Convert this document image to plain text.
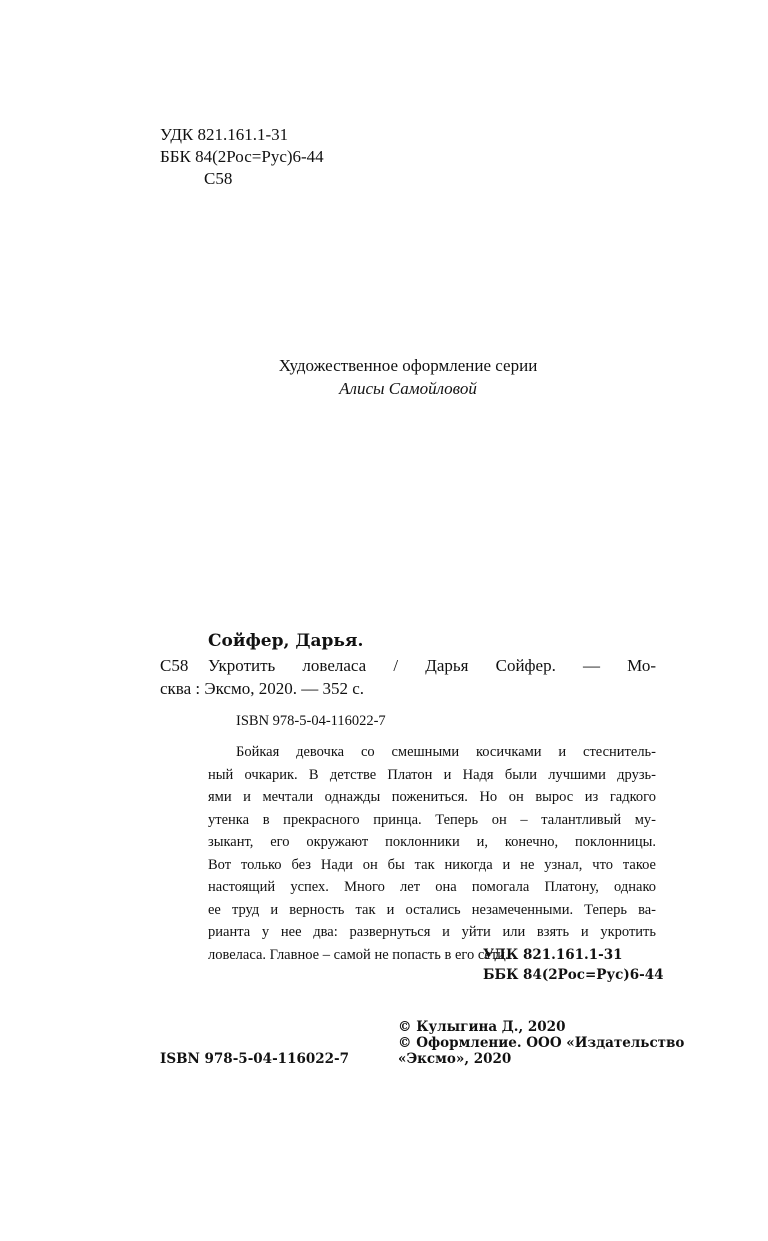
УДК 821.161.1-31
ББК 84(2Рос=Рус)6-44
С58
Художественное оформление серии
Алисы Самойловой
Сойфер, Дарья.
С58 Укротить ловеласа / Дарья Сойфер. — Мо-
сква : Эксмо, 2020. — 352 с.
ISBN 978-5-04-116022-7
Бойкая девочка со смешными косичками и стеснитель-
ный очкарик. В детстве Платон и Надя были лучшими друзь-
ями и мечтали однажды пожениться. Но он вырос из гадкого
утенка в прекрасного принца. Теперь он – талантливый му-
зыкант, его окружают поклонники и, конечно, поклонницы.
Вот только без Нади он бы так никогда и не узнал, что такое
настоящий успех. Много лет она помогала Платону, однако
ее труд и верность так и остались незамеченными. Теперь ва-
рианта у нее два: развернуться и уйти или взять и укротить
ловеласа. Главное – самой не попасть в его сети.
УДК 821.161.1-31
ББК 84(2Рос=Рус)6-44
ISBN 978-5-04-116022-7
© Кулыгина Д., 2020
© Оформление. ООО «Издательство
«Эксмо», 2020
